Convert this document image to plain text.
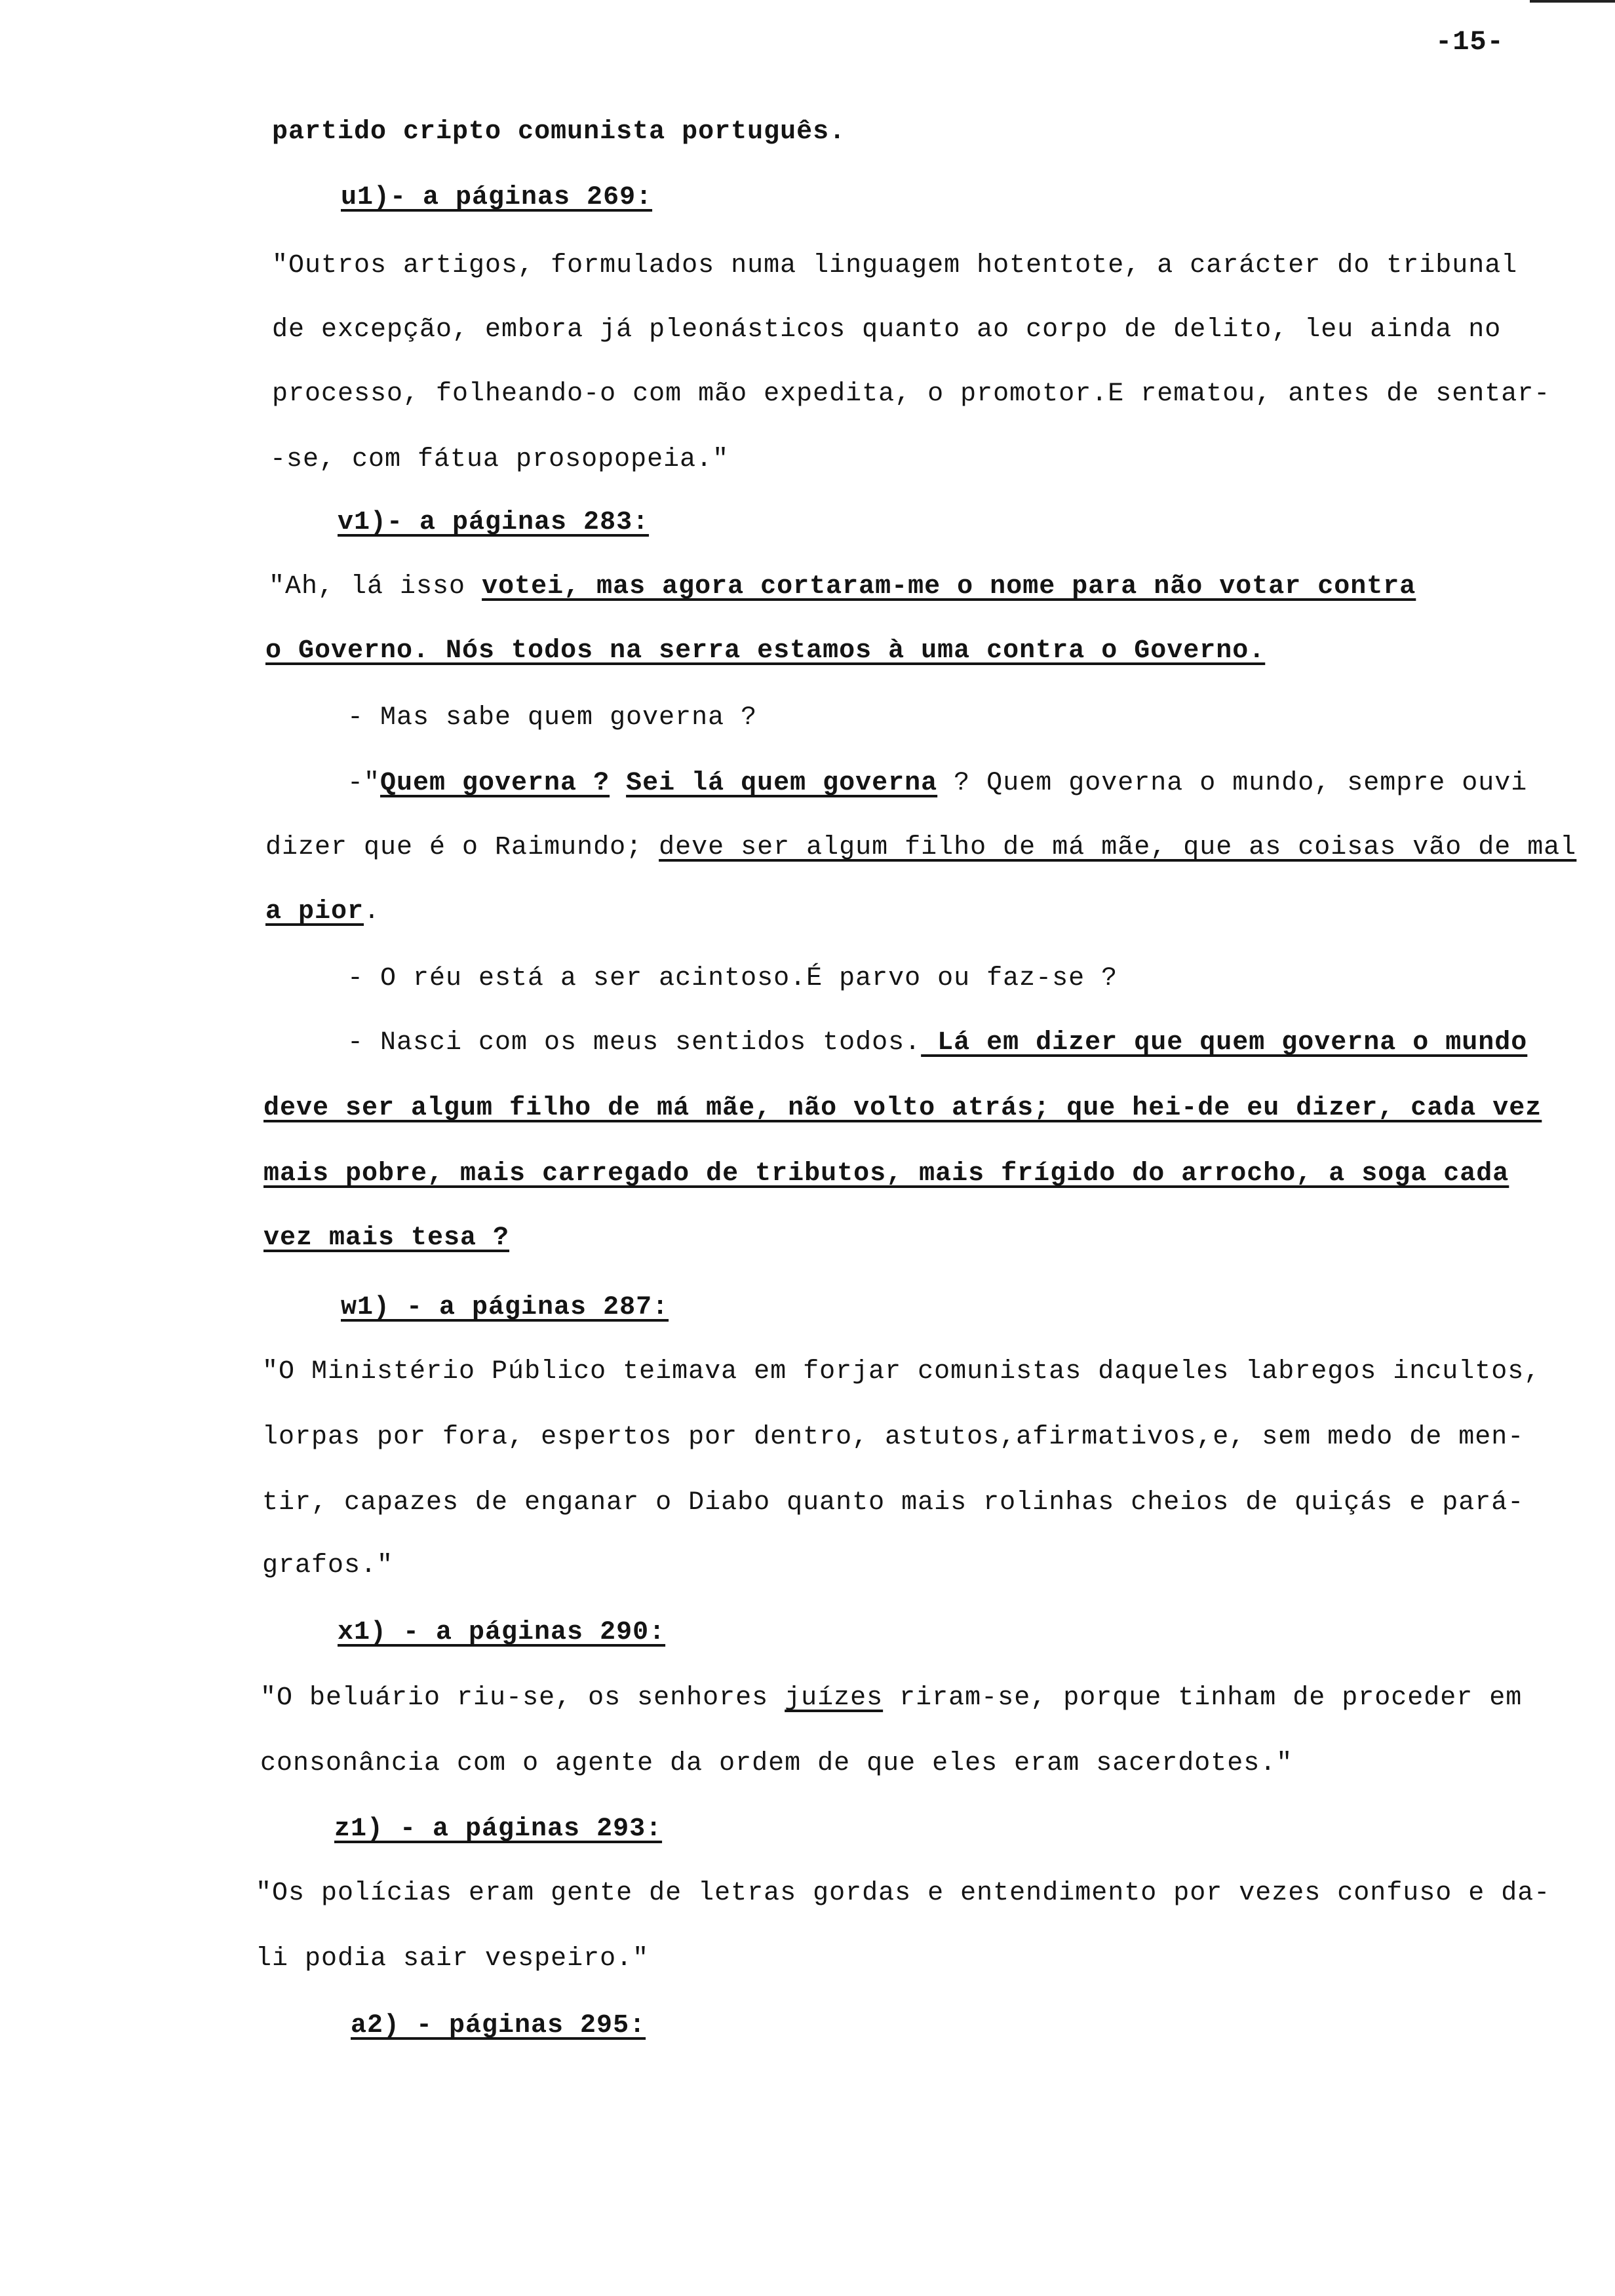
-15-
partido cripto comunista português.
u1)- a páginas 269:
"Outros artigos, formulados numa linguagem hotentote, a carácter do tribunal
de excepção, embora já pleonásticos quanto ao corpo de delito, leu ainda no
processo, folheando-o com mão expedita, o promotor.E rematou, antes de sentar-
-se, com fátua prosopopeia."
v1)- a páginas 283:
"Ah, lá isso votei, mas agora cortaram-me o nome para não votar contra
o Governo. Nós todos na serra estamos à uma contra o Governo.
- Mas sabe quem governa ?
-"Quem governa ? Sei lá quem governa ? Quem governa o mundo, sempre ouvi
dizer que é o Raimundo; deve ser algum filho de má mãe, que as coisas vão de mal
a pior.
- O réu está a ser acintoso.É parvo ou faz-se ?
- Nasci com os meus sentidos todos. Lá em dizer que quem governa o mundo
deve ser algum filho de má mãe, não volto atrás; que hei-de eu dizer, cada vez
mais pobre, mais carregado de tributos, mais frígido do arrocho, a soga cada
vez mais tesa ?
w1) - a páginas 287:
"O Ministério Público teimava em forjar comunistas daqueles labregos incultos,
lorpas por fora, espertos por dentro, astutos,afirmativos,e, sem medo de men-
tir, capazes de enganar o Diabo quanto mais rolinhas cheios de quiçás e pará-
grafos."
x1) - a páginas 290:
"O beluário riu-se, os senhores juízes riram-se, porque tinham de proceder em
consonância com o agente da ordem de que eles eram sacerdotes."
z1) - a páginas 293:
"Os polícias eram gente de letras gordas e entendimento por vezes confuso e da-
li podia sair vespeiro."
a2) - páginas 295:
